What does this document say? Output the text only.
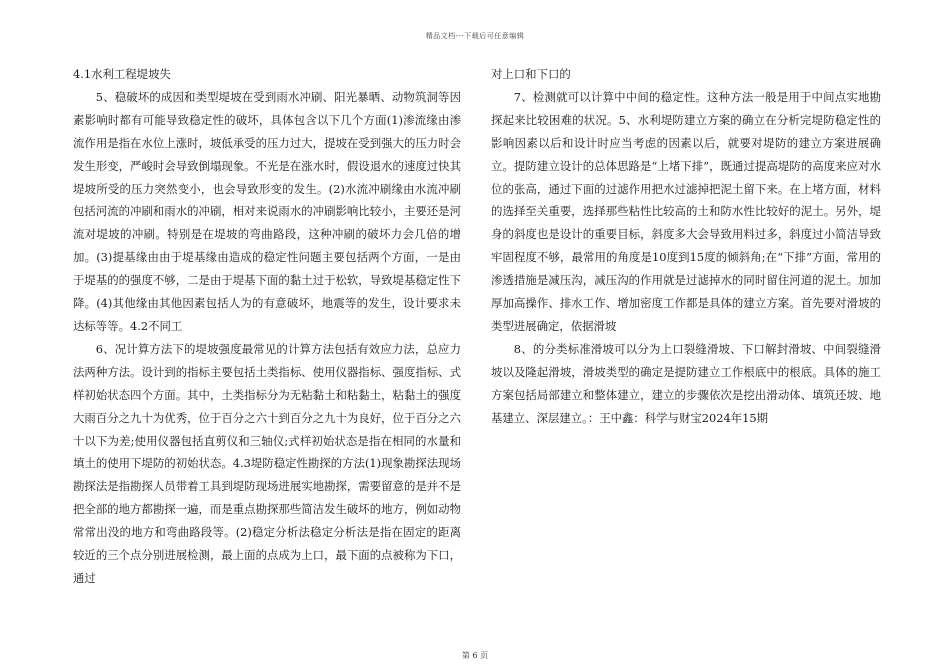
精品文档---下载后可任意编辑

4.1水利工程堤坡失

5、稳破坏的成因和类型堤坡在受到雨水冲刷、阳光暴晒、动物筑洞等因素影响时都有可能导致稳定性的破坏，具体包含以下几个方面(1)渗流缘由渗流作用是指在水位上涨时，坡低承受的压力过大，提坡在受到强大的压力时会发生形变，严峻时会导致倒塌现象。不光是在涨水时，假设退水的速度过快其堤坡所受的压力突然变小，也会导致形变的发生。(2)水流冲刷缘由水流冲刷包括河流的冲刷和雨水的冲刷，相对来说雨水的冲刷影响比较小，主要还是河流对堤坡的冲刷。特别是在堤坡的弯曲路段，这种冲刷的破坏力会几倍的增加。(3)提基缘由由于堤基缘由造成的稳定性问题主要包括两个方面，一是由于堤基的的强度不够，二是由于堤基下面的黏土过于松软，导致堤基稳定性下降。(4)其他缘由其他因素包括人为的有意破坏，地震等的发生，设计要求未达标等等。4.2不同工

6、况计算方法下的堤坡强度最常见的计算方法包括有效应力法，总应力法两种方法。设计到的指标主要包括土类指标、使用仪器指标、强度指标、式样初始状态四个方面。其中，土类指标分为无粘黏土和粘黏土，粘黏土的强度大雨百分之九十为优秀，位于百分之六十到百分之九十为良好，位于百分之六十以下为差;使用仪器包括直剪仪和三轴仪;式样初始状态是指在相同的水量和填土的使用下堤防的初始状态。4.3堤防稳定性勘探的方法(1)现象勘探法现场勘探法是指勘探人员带着工具到堤防现场进展实地勘探，需要留意的是并不是把全部的地方都勘探一遍，而是重点勘探那些简洁发生破坏的地方，例如动物常常出没的地方和弯曲路段等。(2)稳定分析法稳定分析法是指在固定的距离较近的三个点分别进展检测，最上面的点成为上口，最下面的点被称为下口，通过

对上口和下口的

7、检测就可以计算中中间的稳定性。这种方法一般是用于中间点实地勘探起来比较困难的状况。5、水利堤防建立方案的确立在分析完堤防稳定性的影响因素以后和设计时应当考虑的因素以后，就要对堤防的建立方案进展确立。提防建立设计的总体思路是“上堵下排”，既通过提高堤防的高度来应对水位的张高，通过下面的过滤作用把水过滤掉把泥土留下来。在上堵方面，材料的选择至关重要，选择那些粘性比较高的土和防水性比较好的泥土。另外，堤身的斜度也是设计的重要目标，斜度多大会导致用料过多，斜度过小简洁导致牢固程度不够，最常用的角度是10度到15度的倾斜角;在“下排”方面，常用的渗透措施是减压沟，减压沟的作用就是过滤掉水的同时留住河道的泥土。加加厚加高操作、排水工作、增加密度工作都是具体的建立方案。首先要对滑坡的类型进展确定，依据滑坡

8、的分类标准滑坡可以分为上口裂缝滑坡、下口解封滑坡、中间裂缝滑坡以及隆起滑坡，滑坡类型的确定是提防建立工作根底中的根底。具体的施工方案包括局部建立和整体建立，建立的步骤依次是挖出滑动体、填筑还坡、地基建立、深层建立。：王中鑫：科学与财宝2024年15期

第 6 页
